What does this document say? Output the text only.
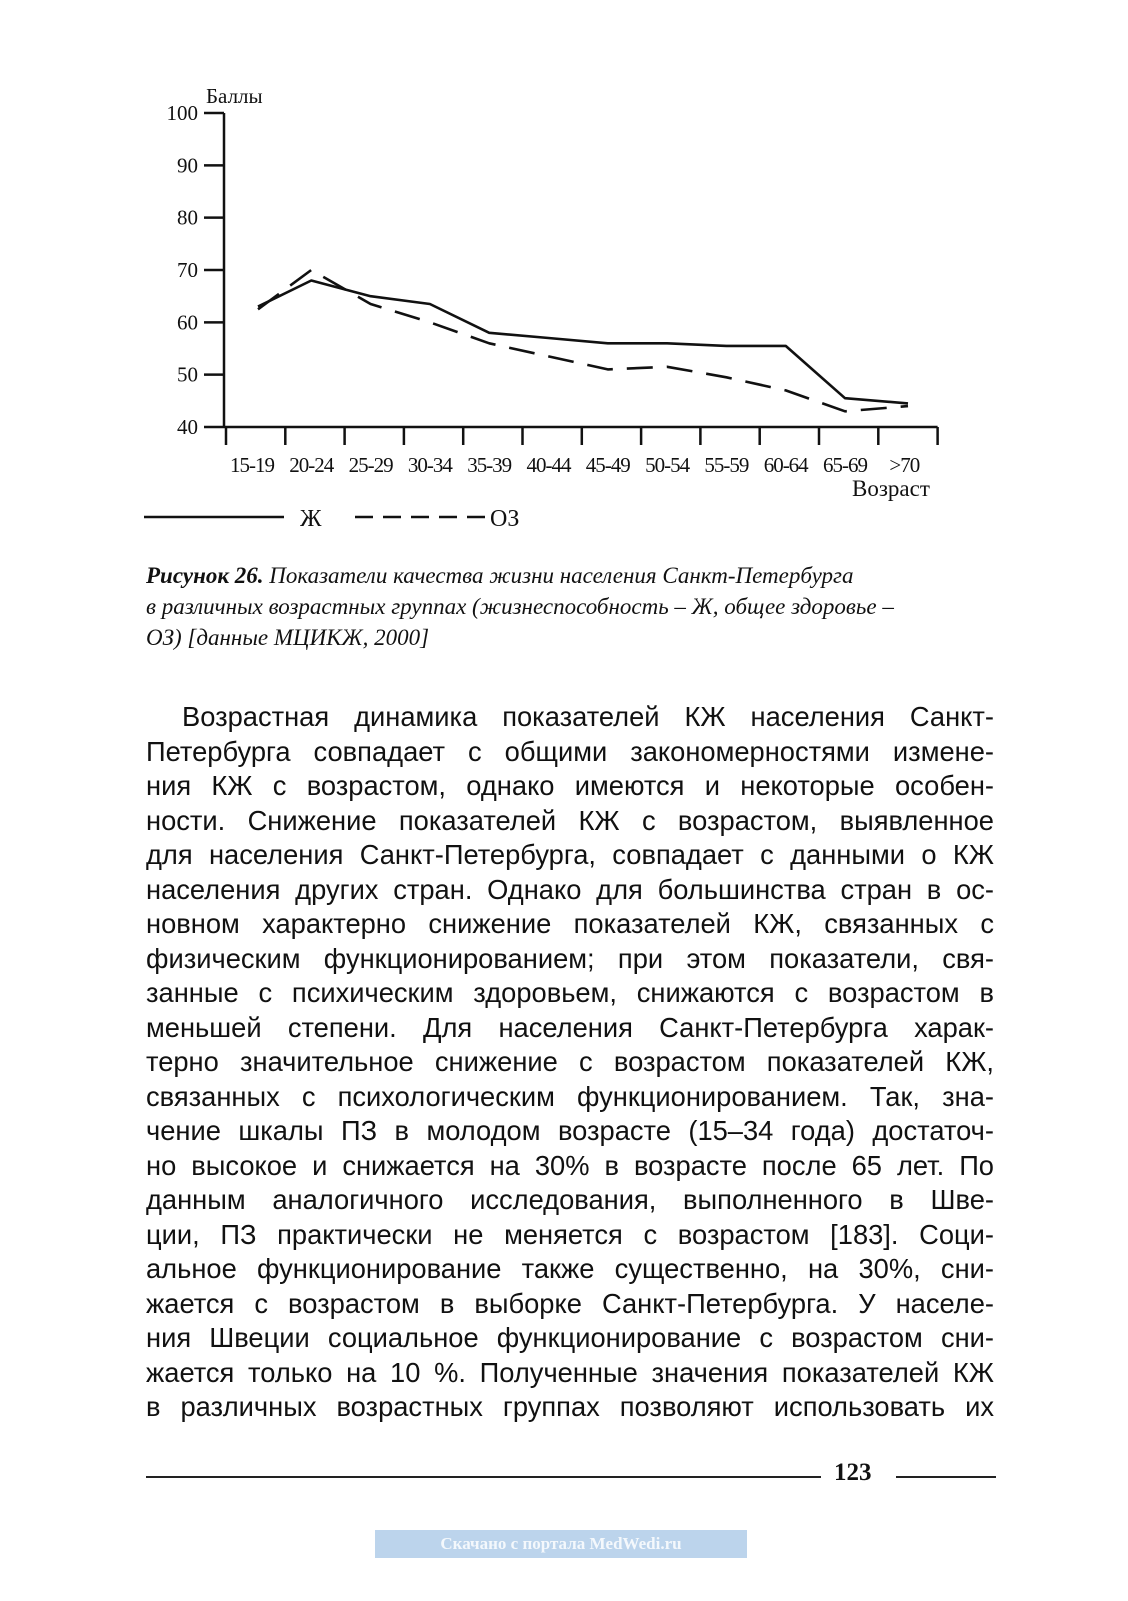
40
50
60
70
80
90
100
15-19 20-24 25-29 30-34 35-39 40-44 45-49 50-54 55-59 60-64 65-69 >70
Баллы
Возраст
Ж	ОЗ
Рисунок 26. Показатели качества жизни населения Санкт-Петербурга
в различных возрастных группах (жизнеспособность – Ж, общее здоровье –
ОЗ) [данные МЦИКЖ, 2000]
Возрастная динамика показателей КЖ населения Санкт-
Петербурга совпадает с общими закономерностями измене-
ния КЖ с возрастом, однако имеются и некоторые особен-
ности. Снижение показателей КЖ с возрастом, выявленное
для населения Санкт-Петербурга, совпадает с данными о КЖ
населения других стран. Однако для большинства стран в ос-
новном характерно снижение показателей КЖ, связанных с
физическим функционированием; при этом показатели, свя-
занные с психическим здоровьем, снижаются с возрастом в
меньшей степени. Для населения Санкт-Петербурга харак-
терно значительное снижение с возрастом показателей КЖ,
связанных с психологическим функционированием. Так, зна-
чение шкалы ПЗ в молодом возрасте (15–34 года) достаточ-
но высокое и снижается на 30% в возрасте после 65 лет. По
данным аналогичного исследования, выполненного в Шве-
ции, ПЗ практически не меняется с возрастом [183]. Соци-
альное функционирование также существенно, на 30%, сни-
жается с возрастом в выборке Санкт-Петербурга. У населе-
ния Швеции социальное функционирование с возрастом сни-
жается только на 10 %. Полученные значения показателей КЖ
в различных возрастных группах позволяют использовать их
123
Скачано с портала MedWedi.ru
